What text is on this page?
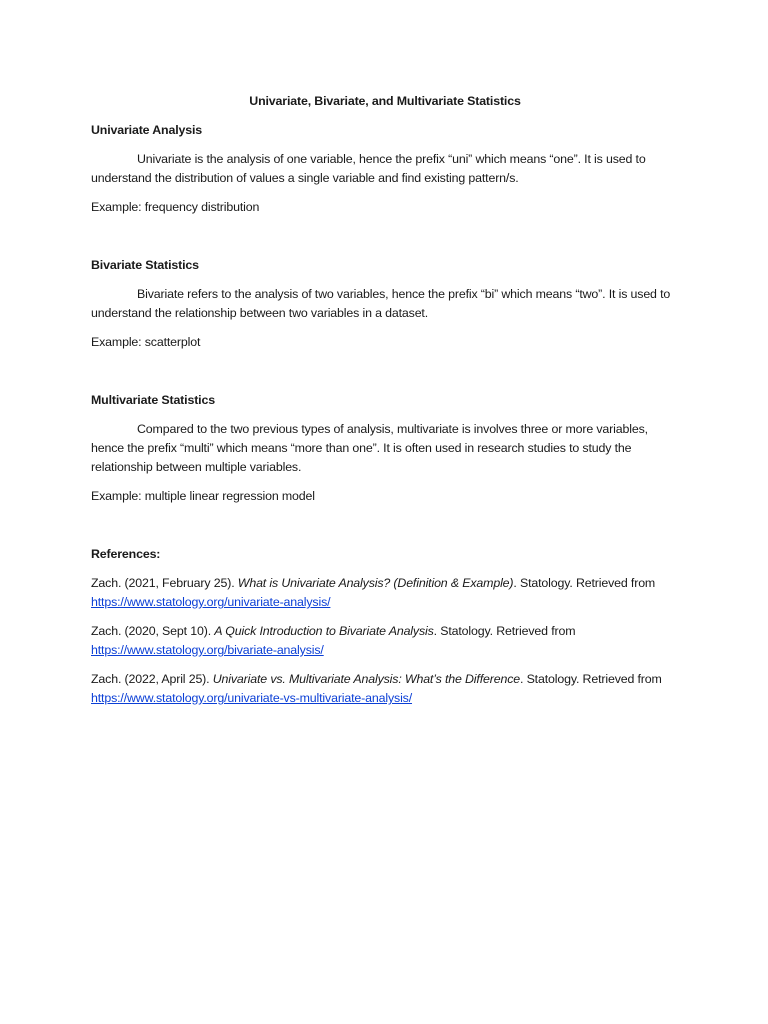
Univariate, Bivariate, and Multivariate Statistics
Univariate Analysis
Univariate is the analysis of one variable, hence the prefix “uni” which means “one”. It is used to understand the distribution of values a single variable and find existing pattern/s.
Example: frequency distribution
Bivariate Statistics
Bivariate refers to the analysis of two variables, hence the prefix “bi” which means “two”. It is used to understand the relationship between two variables in a dataset.
Example: scatterplot
Multivariate Statistics
Compared to the two previous types of analysis, multivariate is involves three or more variables, hence the prefix “multi” which means “more than one”. It is often used in research studies to study the relationship between multiple variables.
Example: multiple linear regression model
References:
Zach. (2021, February 25). What is Univariate Analysis? (Definition & Example). Statology. Retrieved from https://www.statology.org/univariate-analysis/
Zach. (2020, Sept 10). A Quick Introduction to Bivariate Analysis. Statology. Retrieved from https://www.statology.org/bivariate-analysis/
Zach. (2022, April 25). Univariate vs. Multivariate Analysis: What’s the Difference. Statology. Retrieved from https://www.statology.org/univariate-vs-multivariate-analysis/
